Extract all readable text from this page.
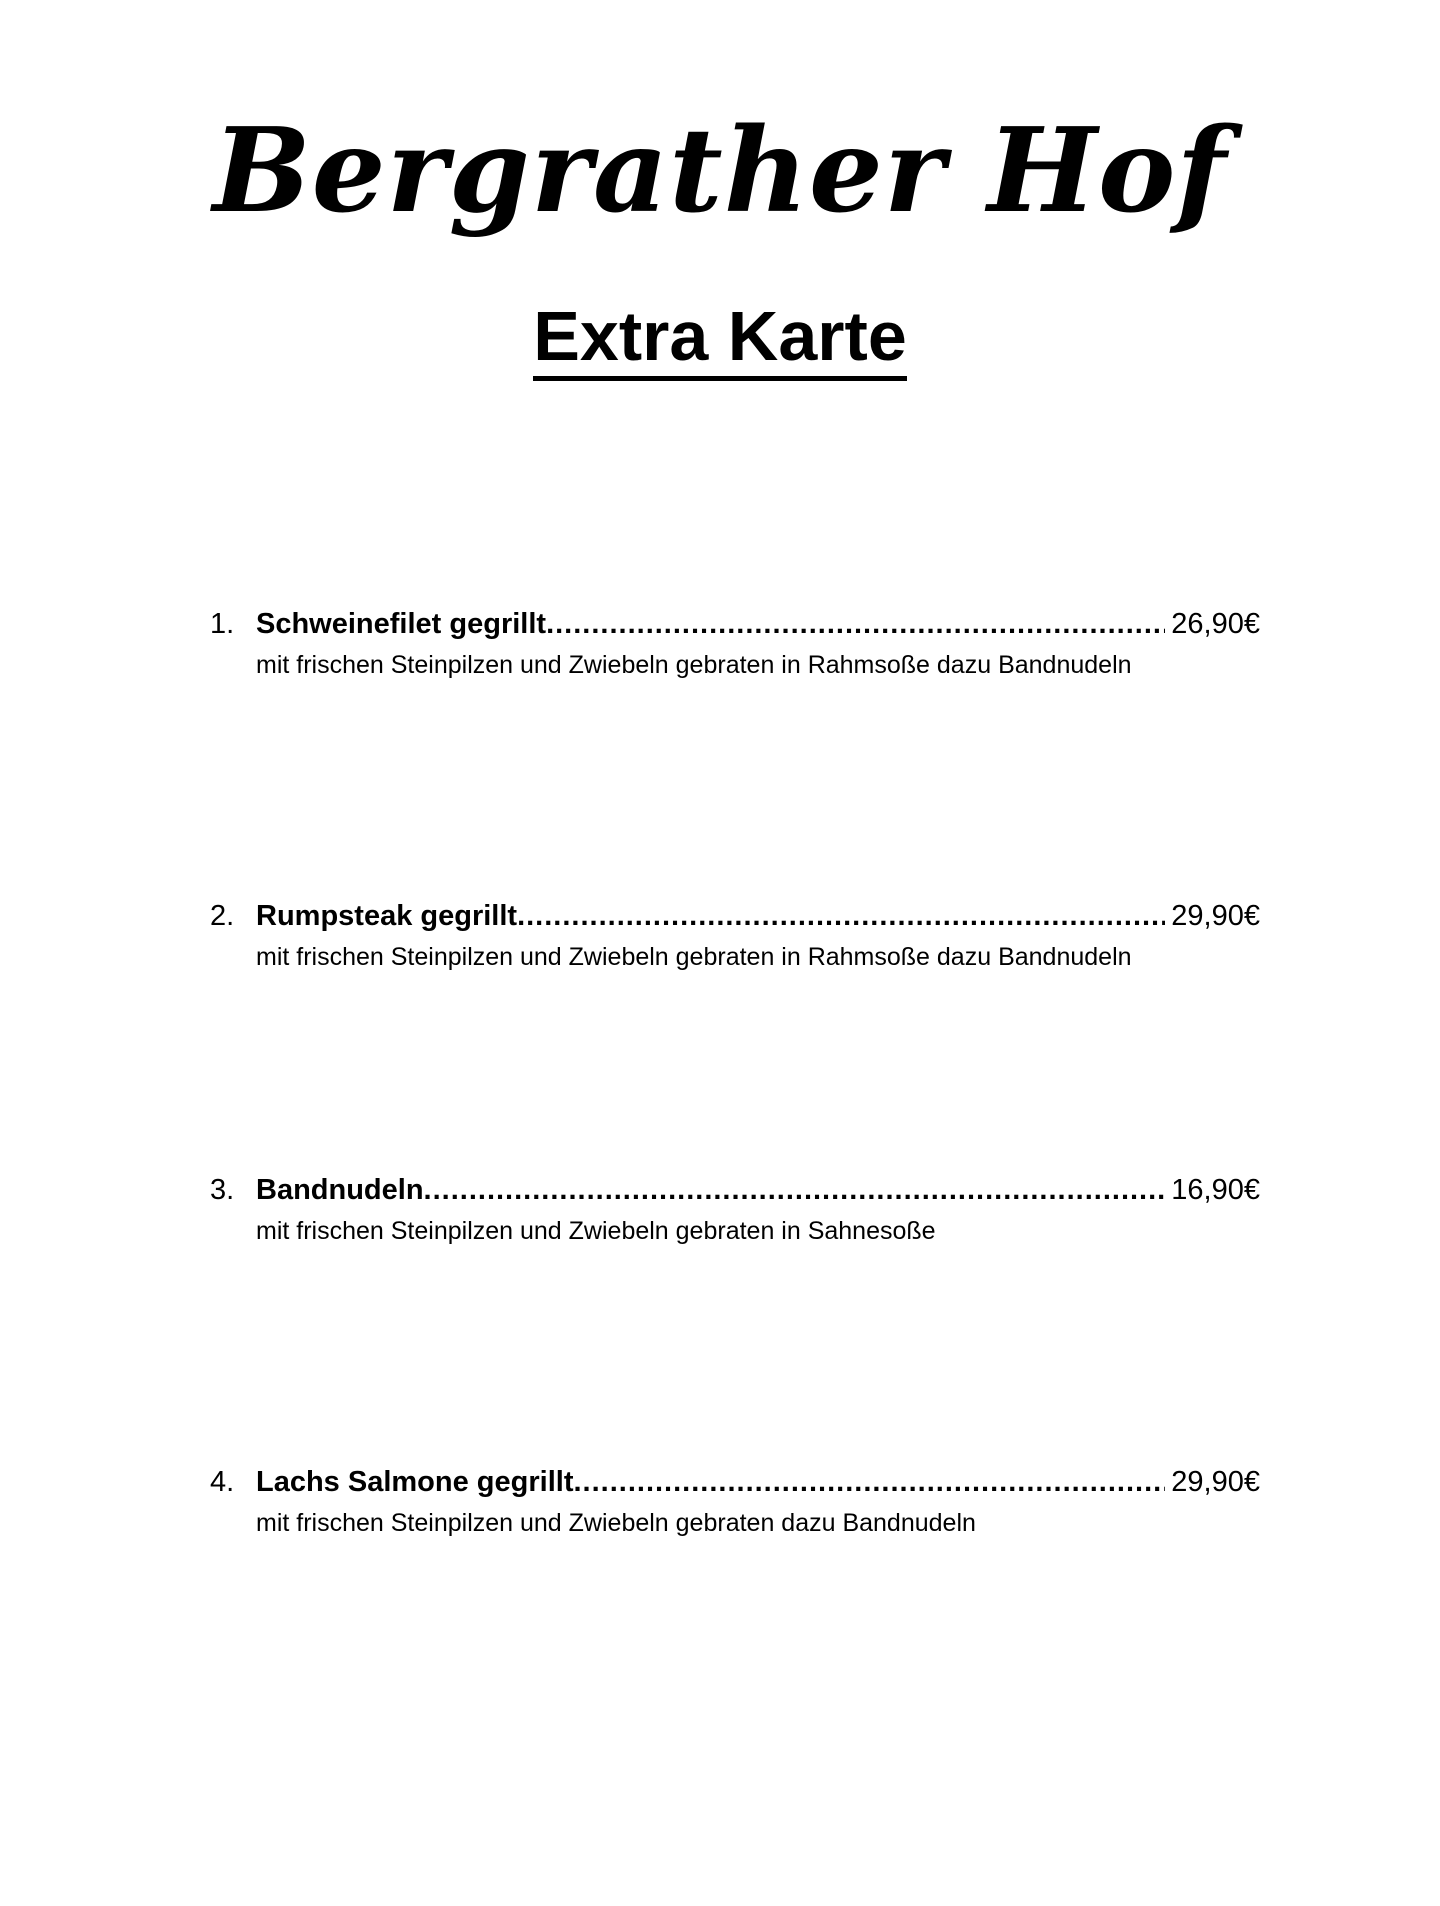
Bergrather Hof
Extra Karte
1. Schweinefilet gegrillt .....	26,90€
mit frischen Steinpilzen und Zwiebeln gebraten in Rahmsoße dazu Bandnudeln
2. Rumpsteak gegrillt .....	29,90€
mit frischen Steinpilzen und Zwiebeln gebraten in Rahmsoße dazu Bandnudeln
3. Bandnudeln .....	16,90€
mit frischen Steinpilzen und Zwiebeln gebraten in Sahnesoße
4. Lachs Salmone gegrillt .....	29,90€
mit frischen Steinpilzen und Zwiebeln gebraten dazu Bandnudeln
